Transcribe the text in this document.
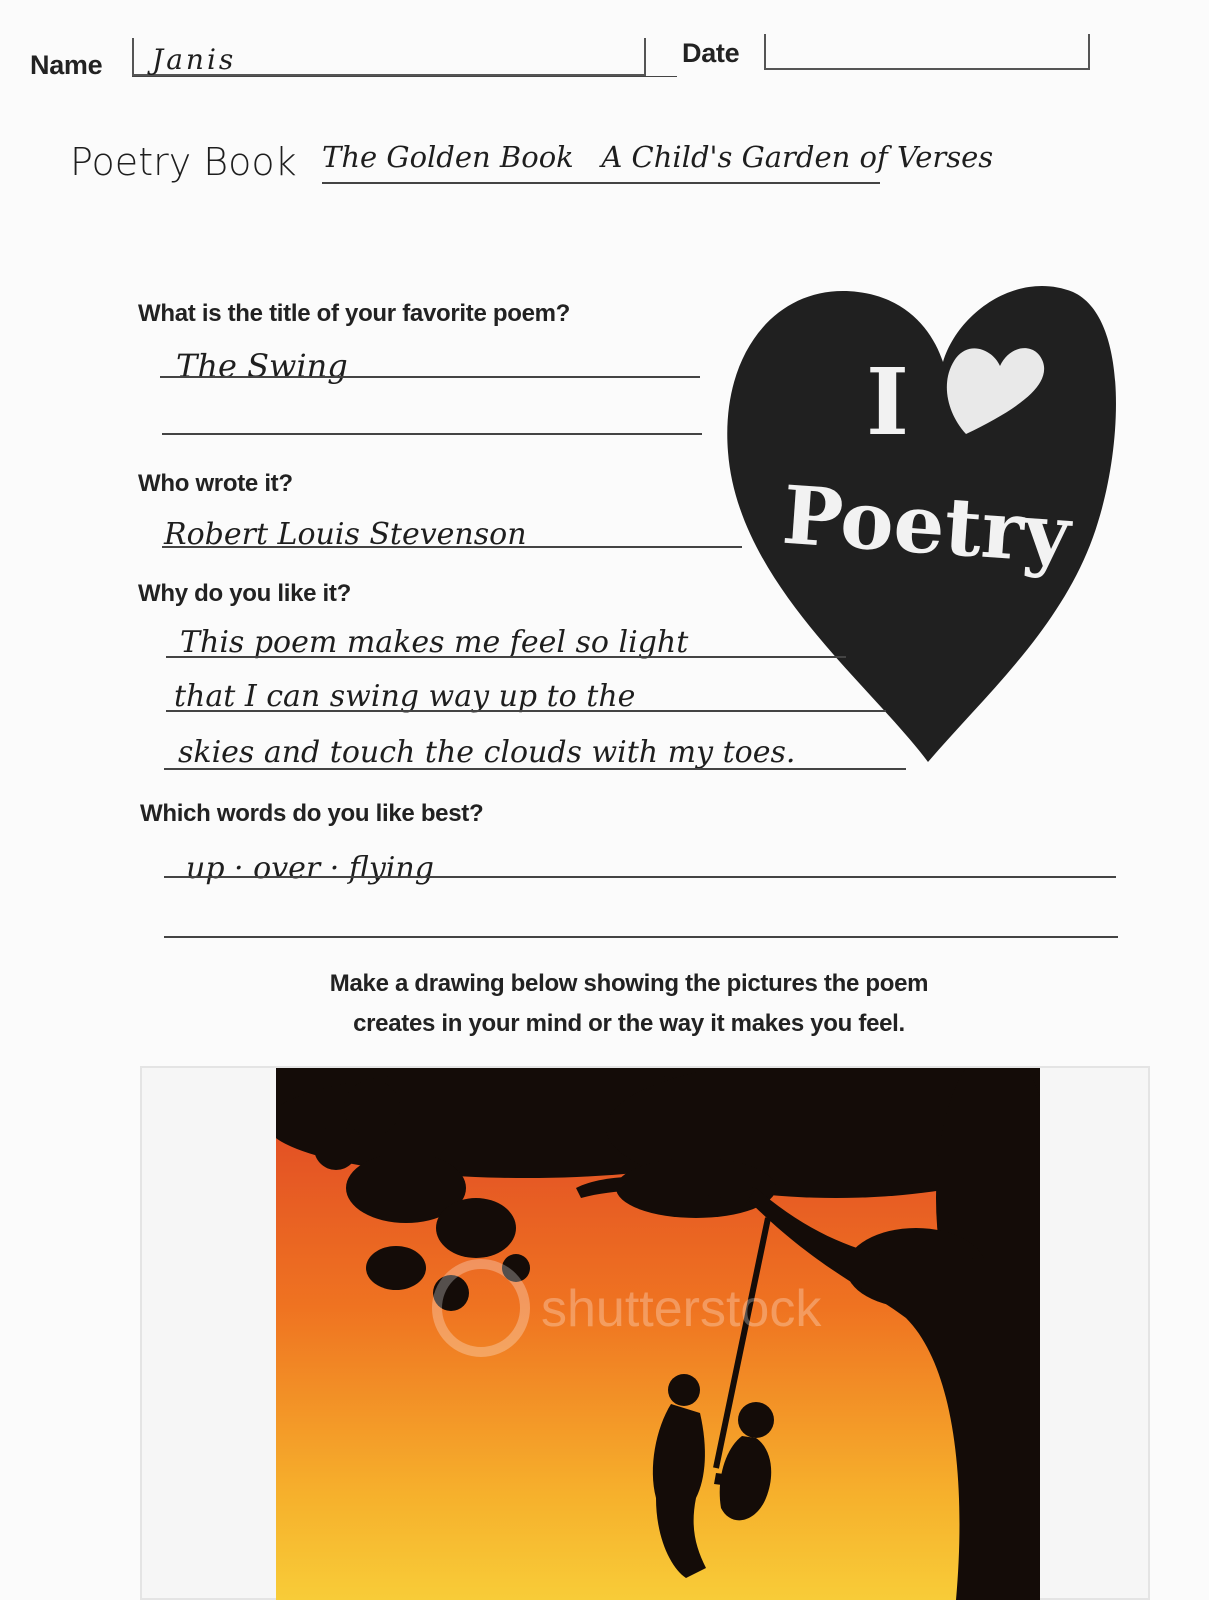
Name Janis	Date
Poetry Book The Golden Book   A Child's Garden of Verses
I
Poetry
What is the title of your favorite poem?
The Swing
Who wrote it?
Robert Louis Stevenson
Why do you like it?
This poem makes me feel so light
that I can swing way up to the
skies and touch the clouds with my toes.
Which words do you like best?
up · over · flying
Make a drawing below showing the pictures the poem
creates in your mind or the way it makes you feel.
shutterstock
